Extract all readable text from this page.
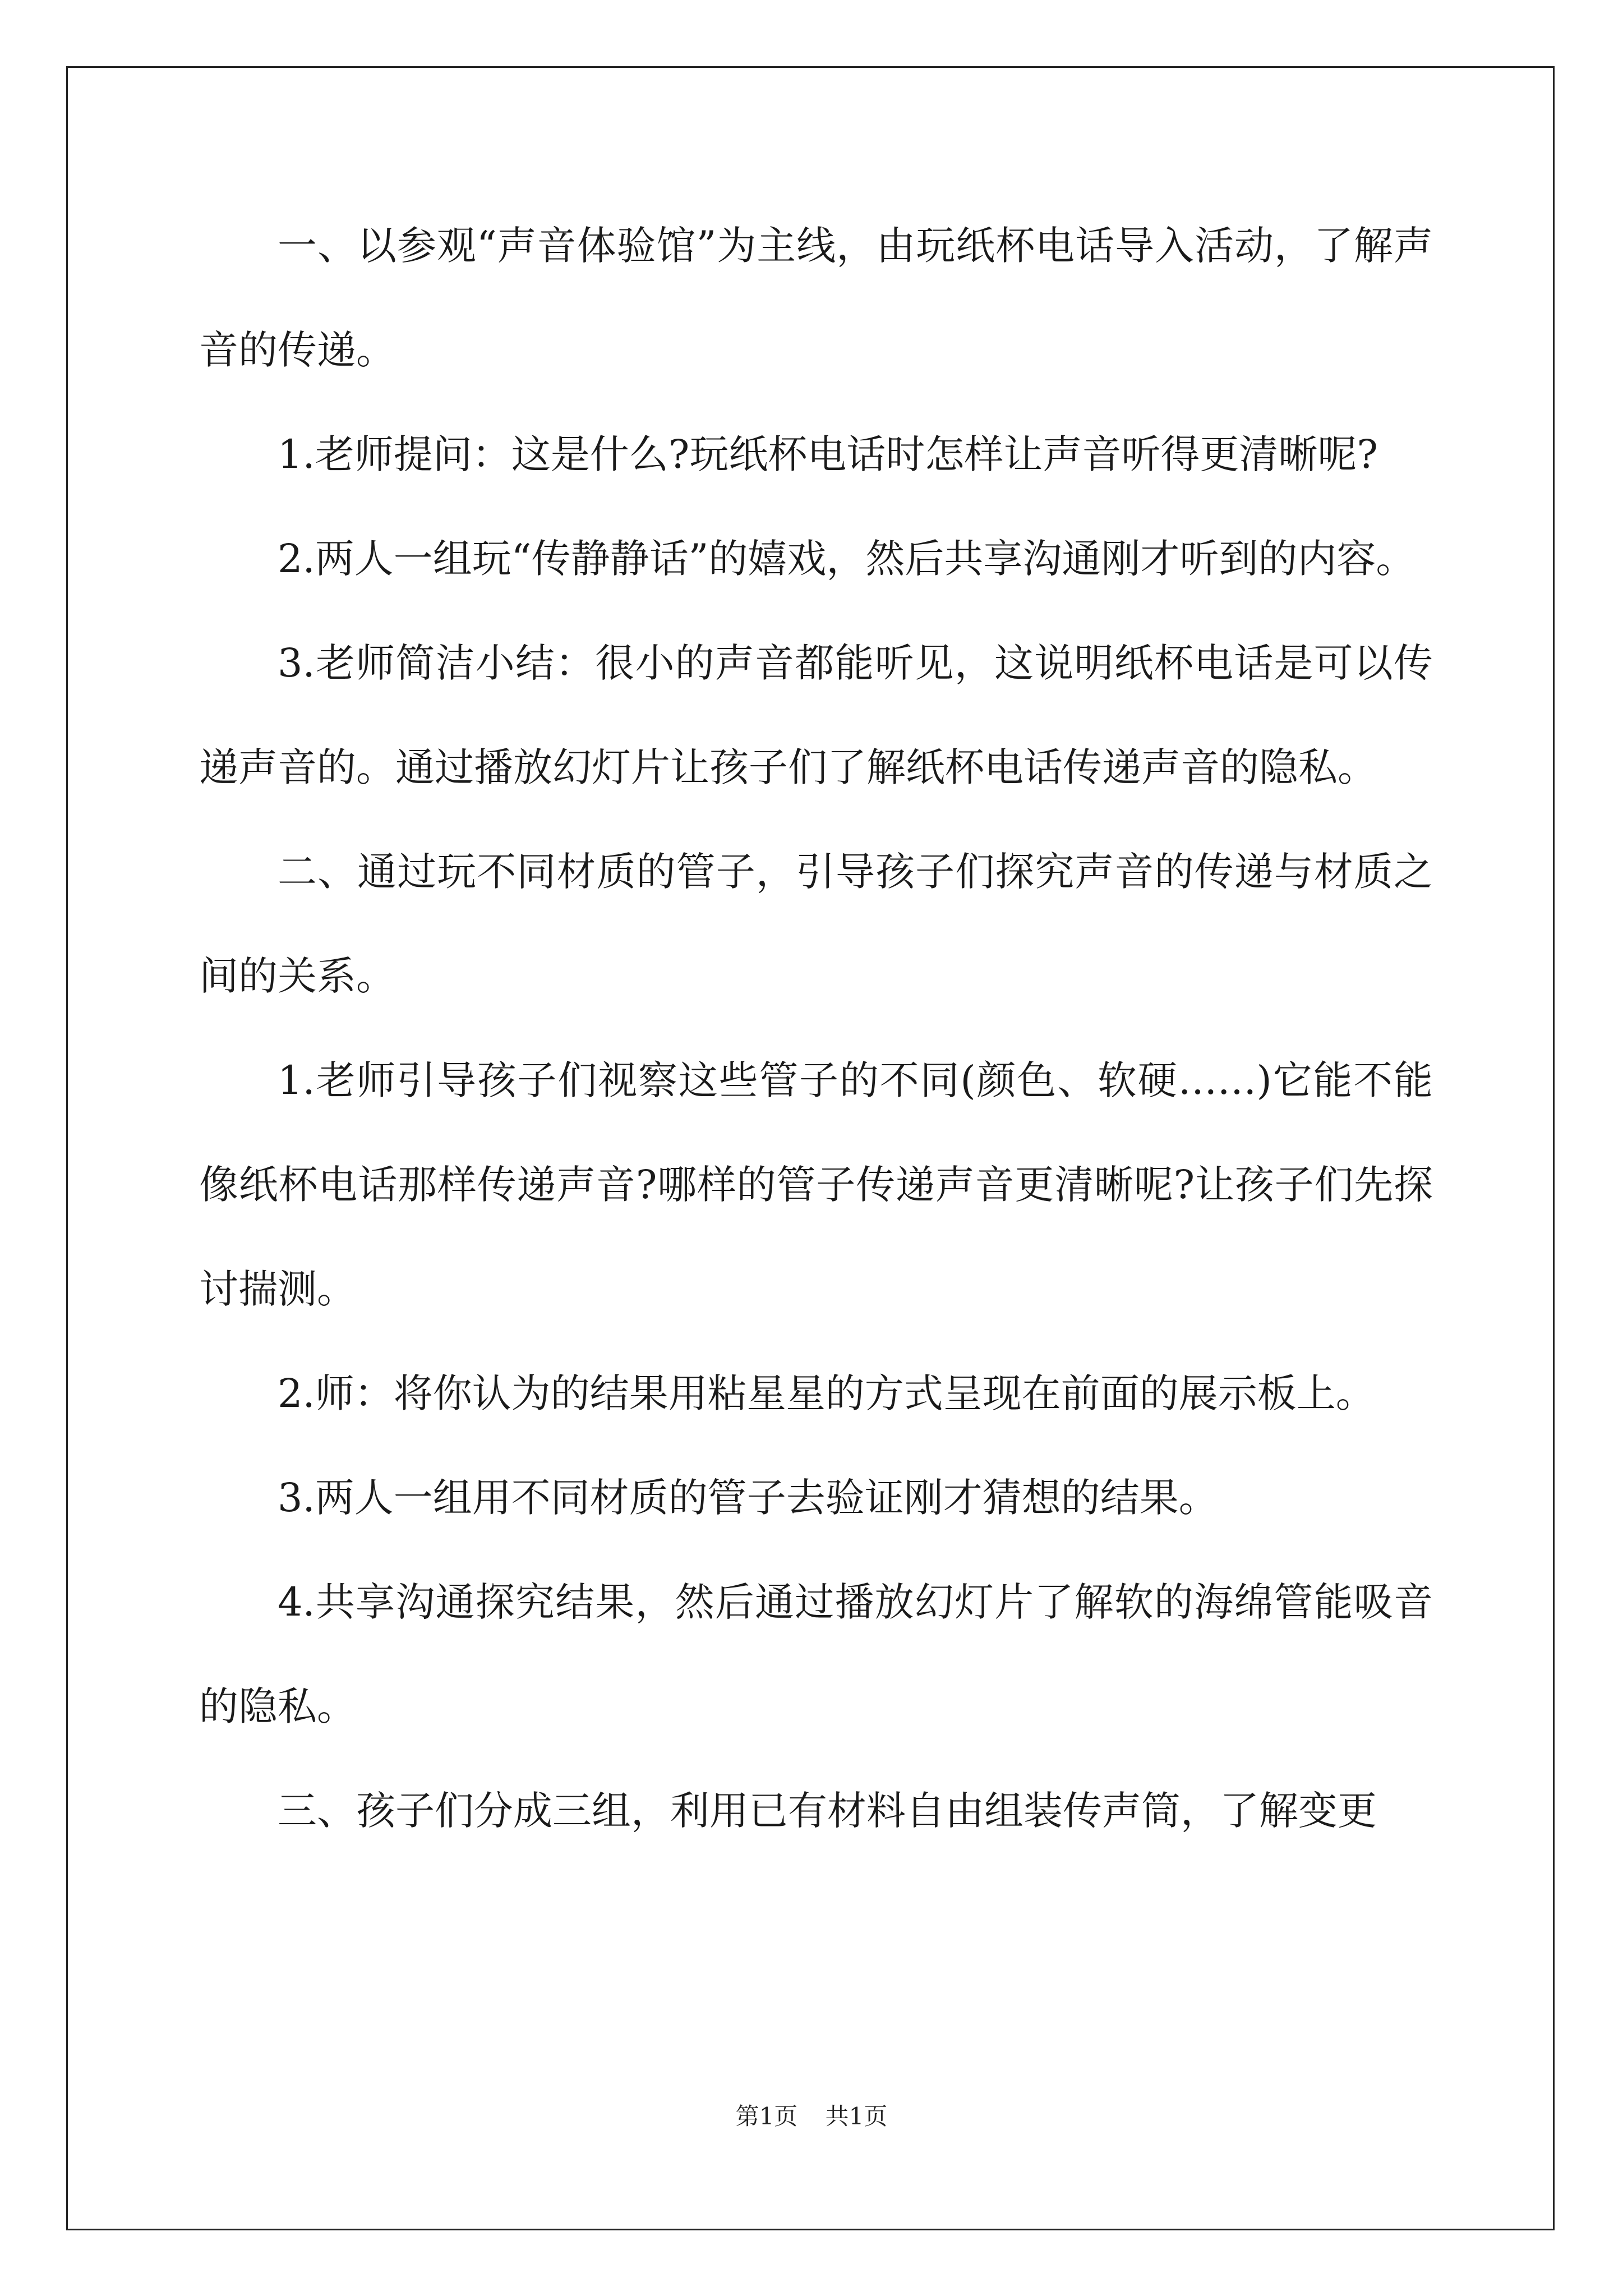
一、以参观“声音体验馆”为主线，由玩纸杯电话导入活动，了解声音的传递。

1.老师提问：这是什么?玩纸杯电话时怎样让声音听得更清晰呢?

2.两人一组玩“传静静话”的嬉戏，然后共享沟通刚才听到的内容。

3.老师简洁小结：很小的声音都能听见，这说明纸杯电话是可以传递声音的。通过播放幻灯片让孩子们了解纸杯电话传递声音的隐私。

二、通过玩不同材质的管子，引导孩子们探究声音的传递与材质之间的关系。

1.老师引导孩子们视察这些管子的不同(颜色、软硬……)它能不能像纸杯电话那样传递声音?哪样的管子传递声音更清晰呢?让孩子们先探讨揣测。

2.师：将你认为的结果用粘星星的方式呈现在前面的展示板上。

3.两人一组用不同材质的管子去验证刚才猜想的结果。

4.共享沟通探究结果，然后通过播放幻灯片了解软的海绵管能吸音的隐私。

三、孩子们分成三组，利用已有材料自由组装传声筒，了解变更

第1页 共1页
